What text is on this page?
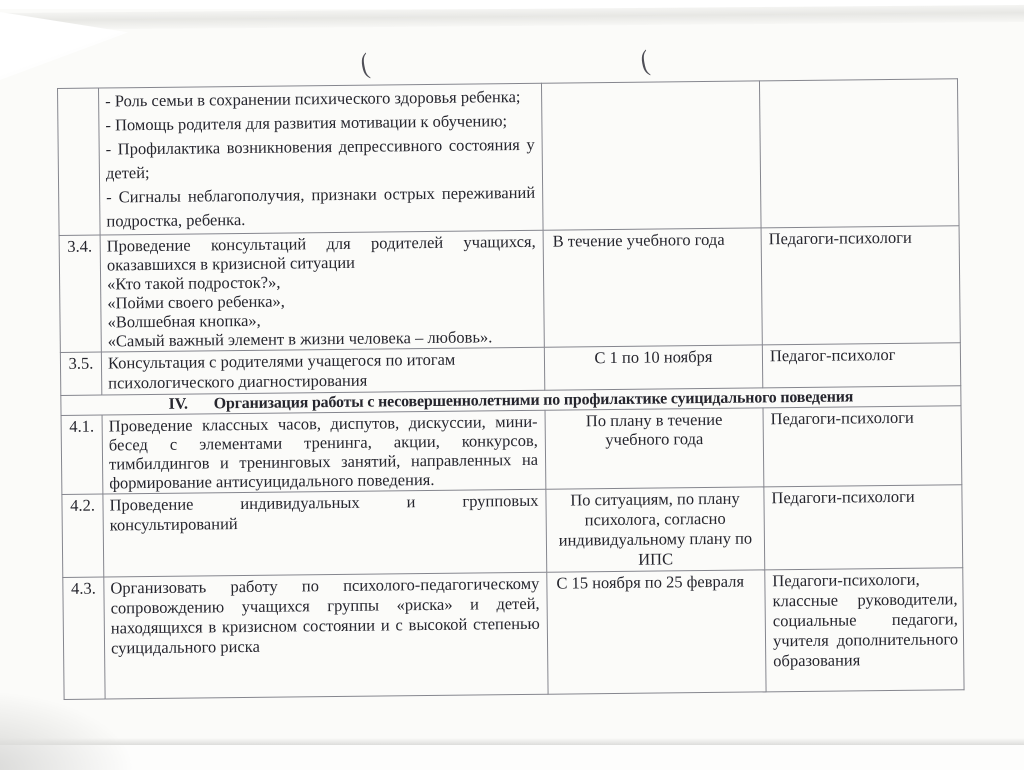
(	(

	- Роль семьи в сохранении психического здоровья ребенка;
- Помощь родителя для развития мотивации к обучению;
- Профилактика возникновения депрессивного состояния у детей;
- Сигналы неблагополучия, признаки острых переживаний подростка, ребенка.		

3.4.	Проведение консультаций для родителей учащихся, оказавшихся в кризисной ситуации
«Кто такой подросток?»,
«Пойми своего ребенка»,
«Волшебная кнопка»,
«Самый важный элемент в жизни человека – любовь».	В течение учебного года	Педагоги-психологи
3.5.	Консультация с родителями учащегося по итогам психологического диагностирования	С 1 по 10 ноября	Педагог-психолог
IV. Организация работы с несовершеннолетними по профилактике суицидального поведения			
4.1.	Проведение классных часов, диспутов, дискуссии, мини-бесед с элементами тренинга, акции, конкурсов, тимбилдингов и тренинговых занятий, направленных на формирование антисуицидального поведения.	По плану в течение учебного года	Педагоги-психологи
4.2.	Проведение индивидуальных и групповых консультирований	По ситуациям, по плану психолога, согласно индивидуальному плану по ИПС	Педагоги-психологи
4.3.	Организовать работу по психолого-педагогическому сопровождению учащихся группы «риска» и детей, находящихся в кризисном состоянии и с высокой степенью суицидального риска	С 15 ноября по 25 февраля	Педагоги-психологи, классные руководители, социальные педагоги, учителя дополнительного образования
